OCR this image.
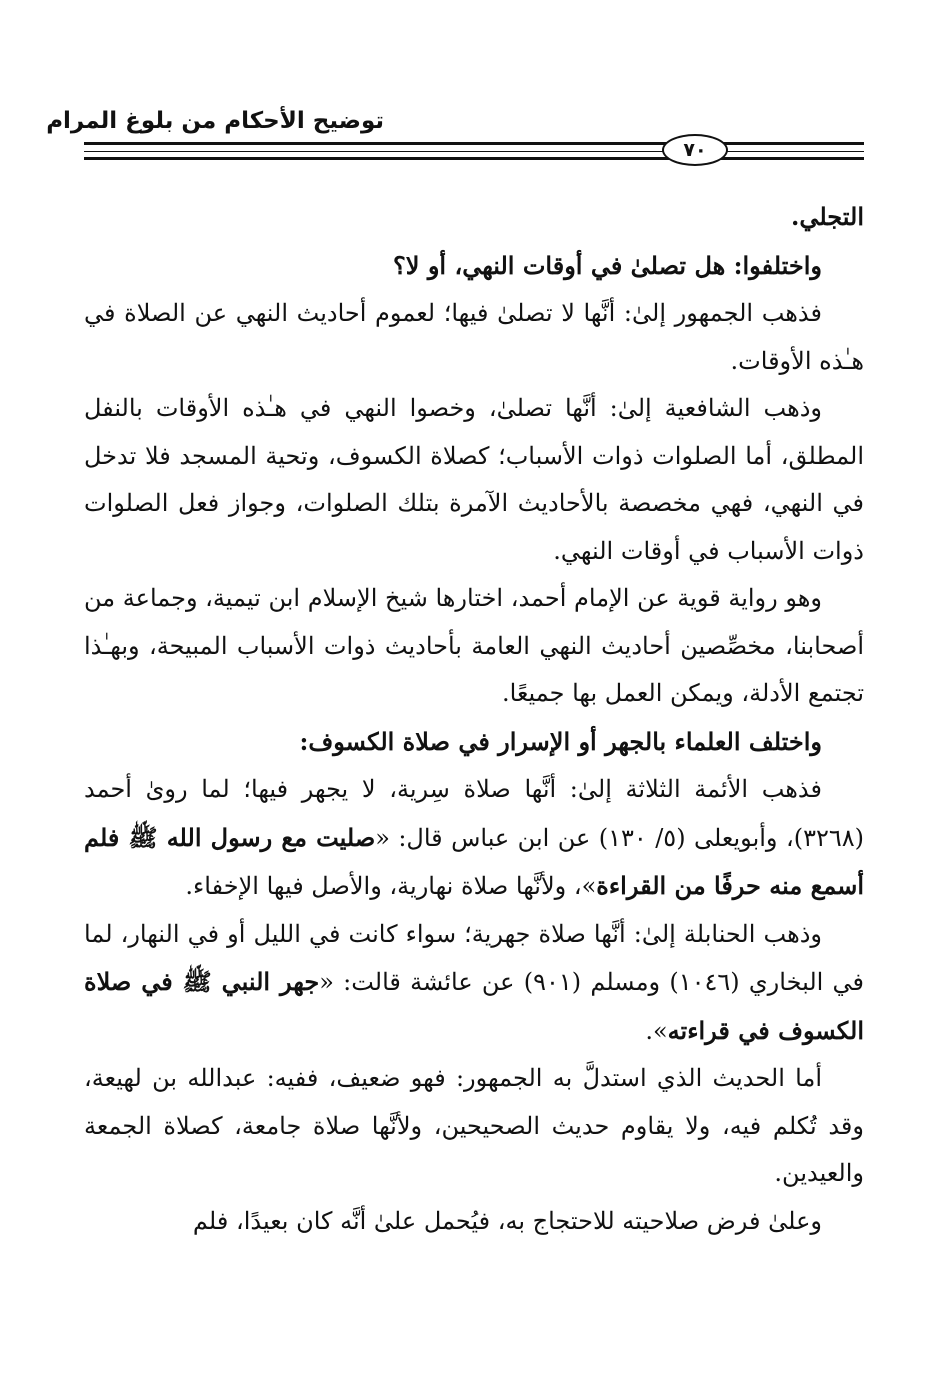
توضيح الأحكام من بلوغ المرام
٧٠

التجلي.

واختلفوا: هل تصلىٰ في أوقات النهي، أو لا؟

فذهب الجمهور إلىٰ: أنَّها لا تصلىٰ فيها؛ لعموم أحاديث النهي عن الصلاة في هـٰذه الأوقات.

وذهب الشافعية إلىٰ: أنَّها تصلىٰ، وخصوا النهي في هـٰذه الأوقات بالنفل المطلق، أما الصلوات ذوات الأسباب؛ كصلاة الكسوف، وتحية المسجد فلا تدخل في النهي، فهي مخصصة بالأحاديث الآمرة بتلك الصلوات، وجواز فعل الصلوات ذوات الأسباب في أوقات النهي.

وهو رواية قوية عن الإمام أحمد، اختارها شيخ الإسلام ابن تيمية، وجماعة من أصحابنا، مخصِّصين أحاديث النهي العامة بأحاديث ذوات الأسباب المبيحة، وبهـٰذا تجتمع الأدلة، ويمكن العمل بها جميعًا.

واختلف العلماء بالجهر أو الإسرار في صلاة الكسوف:

فذهب الأئمة الثلاثة إلىٰ: أنَّها صلاة سِرية، لا يجهر فيها؛ لما روىٰ أحمد (٣٢٦٨)، وأبويعلى (٥/ ١٣٠) عن ابن عباس قال: «صليت مع رسول الله ﷺ فلم أسمع منه حرفًا من القراءة»، ولأنَّها صلاة نهارية، والأصل فيها الإخفاء.

وذهب الحنابلة إلىٰ: أنَّها صلاة جهرية؛ سواء كانت في الليل أو في النهار، لما في البخاري (١٠٤٦) ومسلم (٩٠١) عن عائشة قالت: «جهر النبي ﷺ في صلاة الكسوف في قراءته».

أما الحديث الذي استدلَّ به الجمهور: فهو ضعيف، ففيه: عبدالله بن لهيعة، وقد تُكلم فيه، ولا يقاوم حديث الصحيحين، ولأنَّها صلاة جامعة، كصلاة الجمعة والعيدين.

وعلىٰ فرض صلاحيته للاحتجاج به، فيُحمل علىٰ أنَّه كان بعيدًا، فلم
